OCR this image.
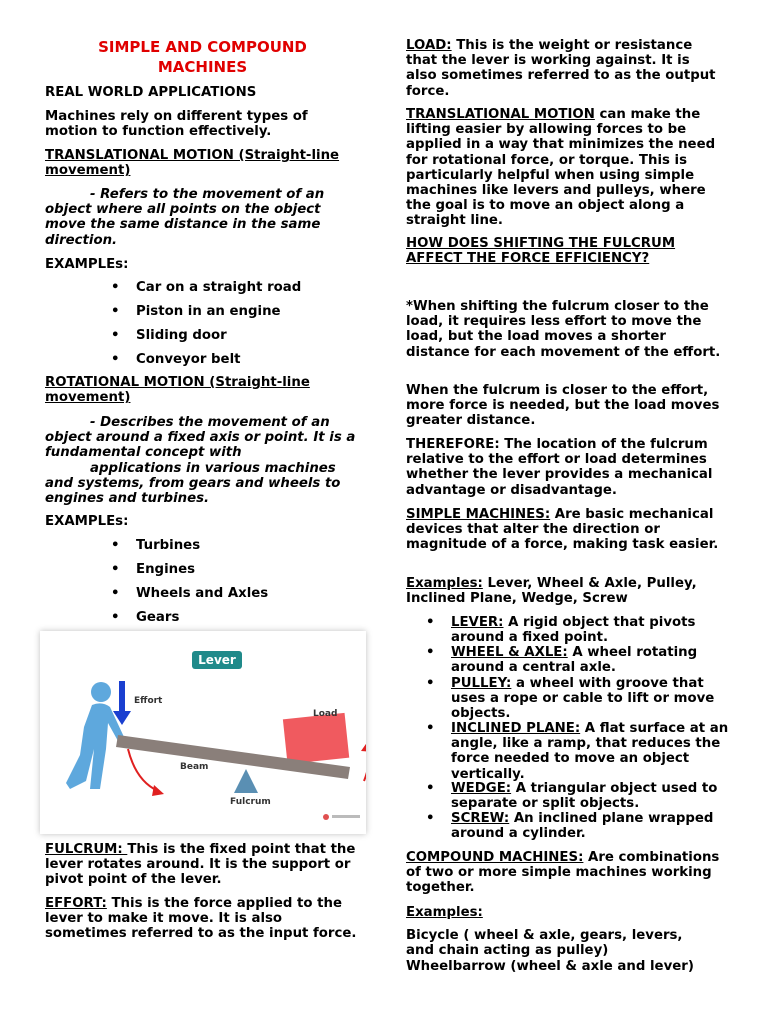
SIMPLE AND COMPOUND
MACHINES

REAL WORLD APPLICATIONS

Machines rely on different types of motion to function effectively.

TRANSLATIONAL MOTION (Straight-line movement)

- Refers to the movement of an
object where all points on the object move the same distance in the same direction.

EXAMPLEs:

• Car on a straight road
• Piston in an engine
• Sliding door
• Conveyor belt

ROTATIONAL MOTION (Straight-line movement)

- Describes the movement of an
object around a fixed axis or point. It is a fundamental concept with
applications in various machines
and systems, from gears and wheels to engines and turbines.

EXAMPLEs:

• Turbines
• Engines
• Wheels and Axles
• Gears

FULCRUM: This is the fixed point that the lever rotates around. It is the support or pivot point of the lever.

EFFORT: This is the force applied to the lever to make it move. It is also sometimes referred to as the input force.

Lever
Effort
Load
Beam
Fulcrum

LOAD: This is the weight or resistance that the lever is working against. It is also sometimes referred to as the output force.

TRANSLATIONAL MOTION can make the lifting easier by allowing forces to be applied in a way that minimizes the need for rotational force, or torque. This is particularly helpful when using simple machines like levers and pulleys, where the goal is to move an object along a straight line.

HOW DOES SHIFTING THE FULCRUM AFFECT THE FORCE EFFICIENCY?

*When shifting the fulcrum closer to the load, it requires less effort to move the load, but the load moves a shorter distance for each movement of the effort.

When the fulcrum is closer to the effort, more force is needed, but the load moves greater distance.

THEREFORE: The location of the fulcrum relative to the effort or load determines whether the lever provides a mechanical advantage or disadvantage.

SIMPLE MACHINES: Are basic mechanical devices that alter the direction or magnitude of a force, making task easier.

Examples: Lever, Wheel & Axle, Pulley, Inclined Plane, Wedge, Screw

• LEVER: A rigid object that pivots around a fixed point.
• WHEEL & AXLE: A wheel rotating around a central axle.
• PULLEY: a wheel with groove that uses a rope or cable to lift or move objects.
• INCLINED PLANE: A flat surface at an angle, like a ramp, that reduces the force needed to move an object vertically.
• WEDGE: A triangular object used to separate or split objects.
• SCREW: An inclined plane wrapped around a cylinder.

COMPOUND MACHINES: Are combinations of two or more simple machines working together.

Examples:

Bicycle ( wheel & axle, gears, levers, and chain acting as pulley)

Wheelbarrow (wheel & axle and lever)
